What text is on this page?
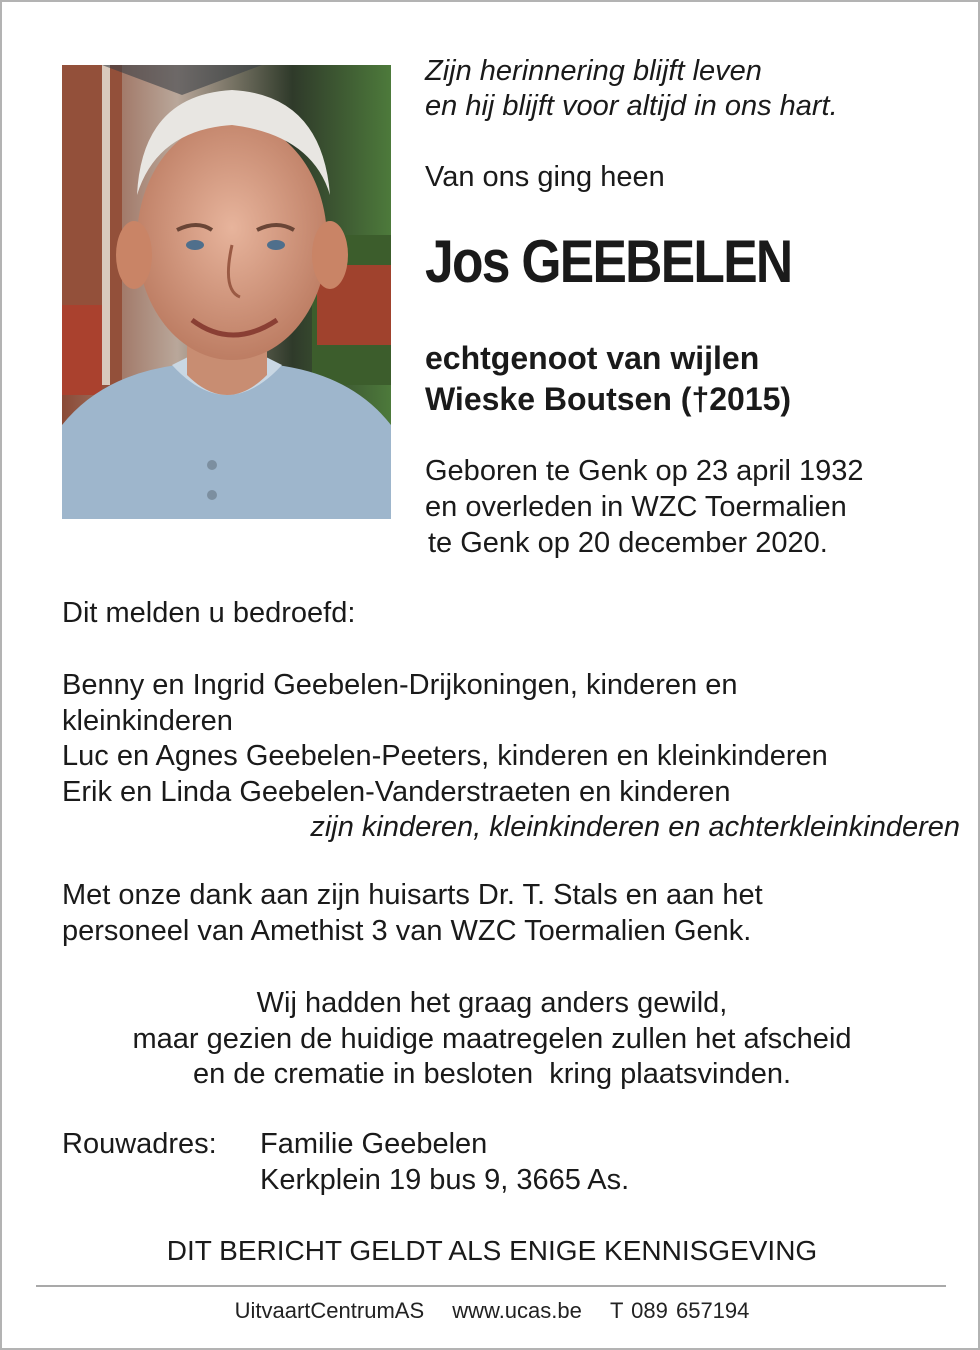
Zijn herinnering blijft leven
en hij blijft voor altijd in ons hart.
Van ons ging heen
Jos GEEBELEN
echtgenoot van wijlen
Wieske Boutsen (†2015)
Geboren te Genk op 23 april 1932
en overleden in WZC Toermalien
te Genk op 20 december 2020.
Dit melden u bedroefd:
Benny en Ingrid Geebelen-Drijkoningen, kinderen en kleinkinderen
Luc en Agnes Geebelen-Peeters, kinderen en kleinkinderen
Erik en Linda Geebelen-Vanderstraeten en kinderen
zijn kinderen, kleinkinderen en achterkleinkinderen
Met onze dank aan zijn huisarts Dr. T. Stals en aan het personeel van Amethist 3 van WZC Toermalien Genk.
Wij hadden het graag anders gewild,
maar gezien de huidige maatregelen zullen het afscheid
en de crematie in besloten  kring plaatsvinden.
Rouwadres: Familie Geebelen
Kerkplein 19 bus 9, 3665 As.
DIT BERICHT GELDT ALS ENIGE KENNISGEVING
UitvaartCentrumAS www.ucas.be T 089 657194
